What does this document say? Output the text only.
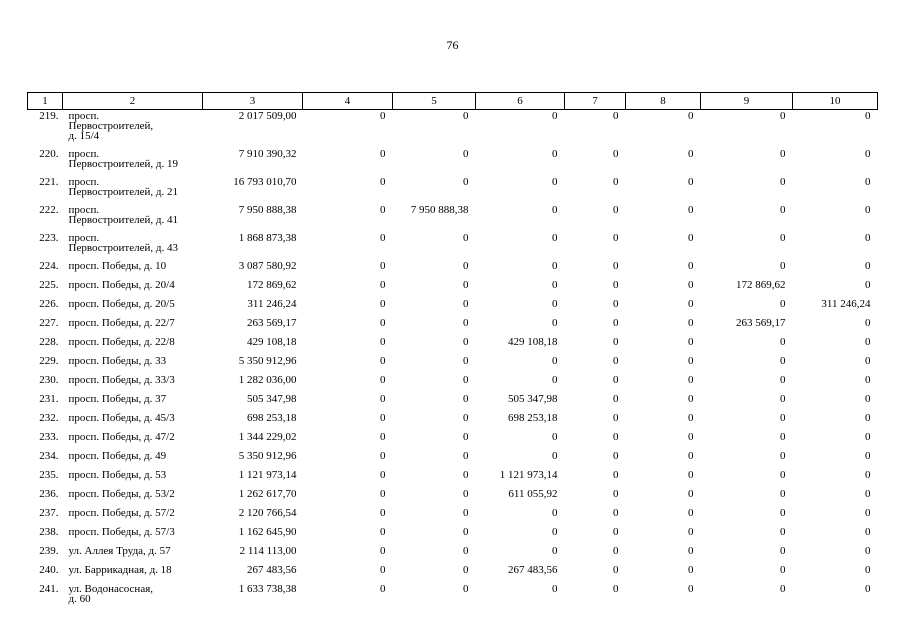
76
1	2	3	4	5	6	7	8	9	10
219.	просп.
Первостроителей,
д. 15/4	2 017 509,00	0	0	0	0	0	0	0
220.	просп.
Первостроителей, д. 19	7 910 390,32	0	0	0	0	0	0	0
221.	просп.
Первостроителей, д. 21	16 793 010,70	0	0	0	0	0	0	0
222.	просп.
Первостроителей, д. 41	7 950 888,38	0	7 950 888,38	0	0	0	0	0
223.	просп.
Первостроителей, д. 43	1 868 873,38	0	0	0	0	0	0	0
224.	просп. Победы, д. 10	3 087 580,92	0	0	0	0	0	0	0
225.	просп. Победы, д. 20/4	172 869,62	0	0	0	0	0	172 869,62	0
226.	просп. Победы, д. 20/5	311 246,24	0	0	0	0	0	0	311 246,24
227.	просп. Победы, д. 22/7	263 569,17	0	0	0	0	0	263 569,17	0
228.	просп. Победы, д. 22/8	429 108,18	0	0	429 108,18	0	0	0	0
229.	просп. Победы, д. 33	5 350 912,96	0	0	0	0	0	0	0
230.	просп. Победы, д. 33/3	1 282 036,00	0	0	0	0	0	0	0
231.	просп. Победы, д. 37	505 347,98	0	0	505 347,98	0	0	0	0
232.	просп. Победы, д. 45/3	698 253,18	0	0	698 253,18	0	0	0	0
233.	просп. Победы, д. 47/2	1 344 229,02	0	0	0	0	0	0	0
234.	просп. Победы, д. 49	5 350 912,96	0	0	0	0	0	0	0
235.	просп. Победы, д. 53	1 121 973,14	0	0	1 121 973,14	0	0	0	0
236.	просп. Победы, д. 53/2	1 262 617,70	0	0	611 055,92	0	0	0	0
237.	просп. Победы, д. 57/2	2 120 766,54	0	0	0	0	0	0	0
238.	просп. Победы, д. 57/3	1 162 645,90	0	0	0	0	0	0	0
239.	ул. Аллея Труда, д. 57	2 114 113,00	0	0	0	0	0	0	0
240.	ул. Баррикадная, д. 18	267 483,56	0	0	267 483,56	0	0	0	0
241.	ул. Водонасосная,
д. 60	1 633 738,38	0	0	0	0	0	0	0
